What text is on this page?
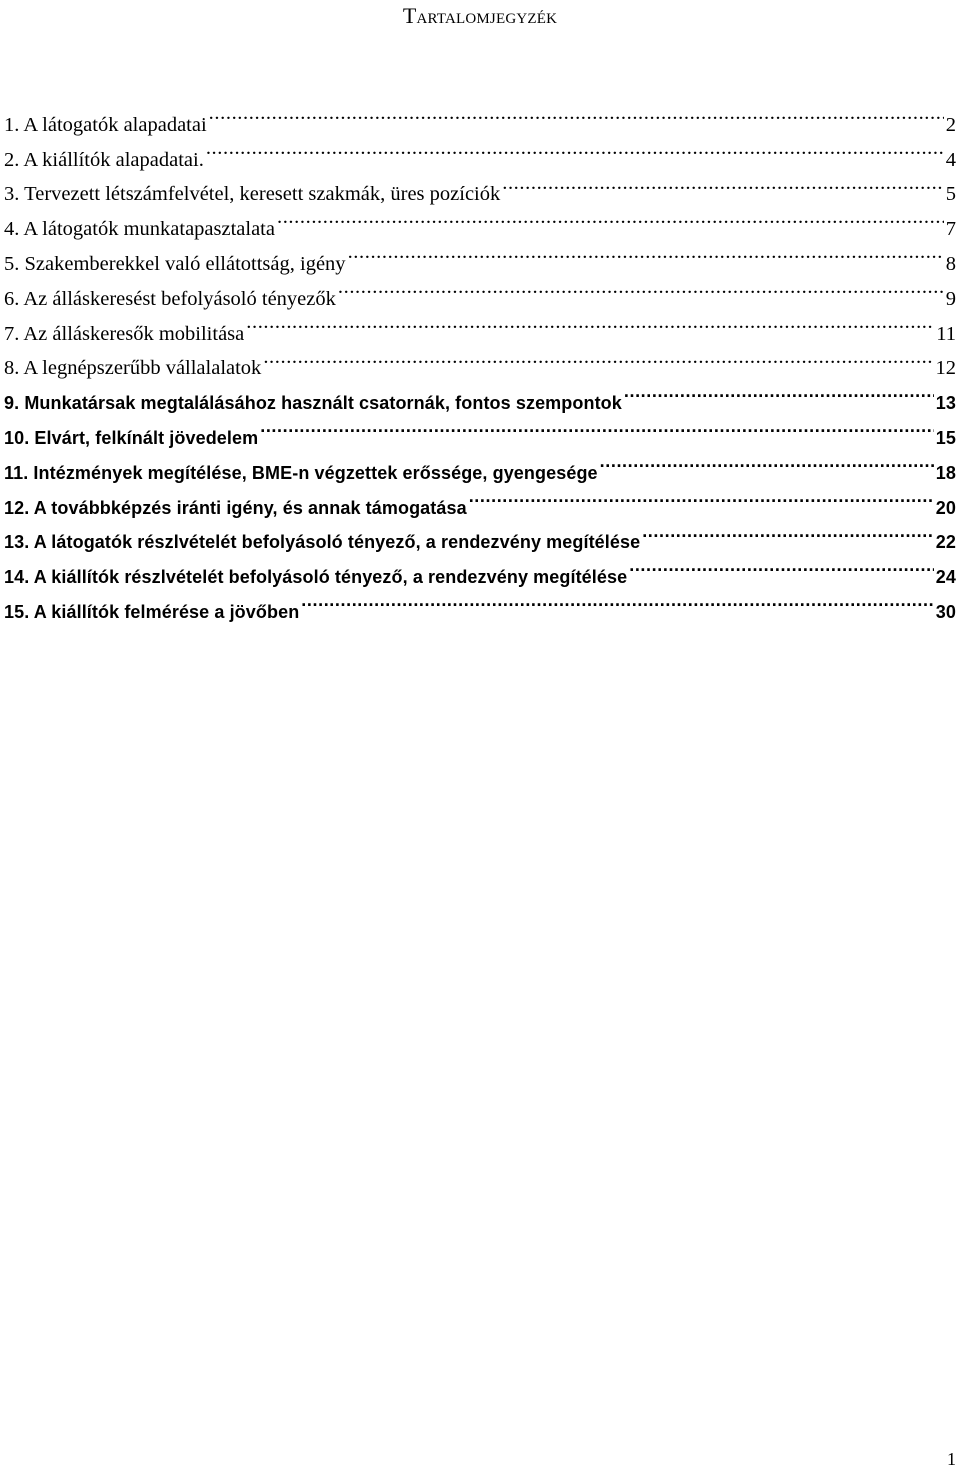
Tartalomjegyzék
1. A látogatók alapadatai .....	2
2. A kiállítók alapadatai. .....	4
3. Tervezett létszámfelvétel, keresett szakmák, üres pozíciók .....	5
4. A látogatók munkatapasztalata .....	7
5. Szakemberekkel való ellátottság, igény .....	8
6. Az álláskeresést befolyásoló tényezők .....	9
7. Az álláskeresők mobilitása .....	11
8. A legnépszerűbb vállalalatok .....	12
9. Munkatársak megtalálásához használt csatornák, fontos szempontok .....	13
10. Elvárt, felkínált jövedelem .....	15
11. Intézmények megítélése, BME-n végzettek erőssége, gyengesége .....	18
12. A továbbképzés iránti igény, és annak támogatása .....	20
13. A látogatók részlvételét befolyásoló tényező, a rendezvény megítélése .....	22
14. A kiállítók részlvételét befolyásoló tényező, a rendezvény megítélése .....	24
15. A kiállítók felmérése a jövőben .....	30
1
